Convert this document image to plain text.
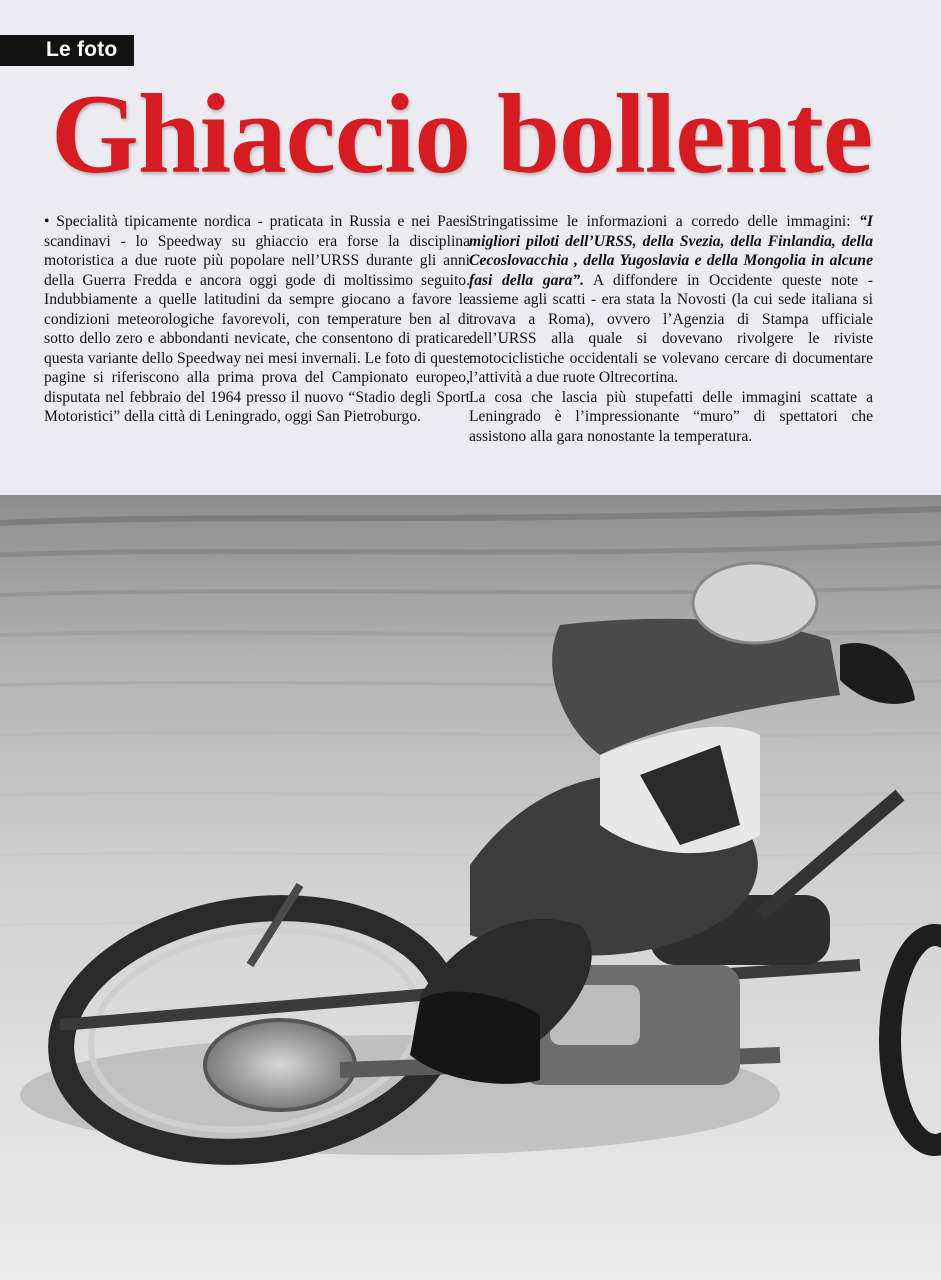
Le foto
Ghiaccio bollente

• Specialità tipicamente nordica - praticata in Russia e nei Paesi scandinavi - lo Speedway su ghiaccio era forse la disciplina motoristica a due ruote più popolare nell’URSS durante gli anni della Guerra Fredda e ancora oggi gode di moltissimo seguito. Indubbiamente a quelle latitudini da sempre giocano a favore le condizioni meteorologiche favorevoli, con temperature ben al di sotto dello zero e abbondanti nevicate, che consentono di praticare questa variante dello Speedway nei mesi invernali. Le foto di queste pagine si riferiscono alla prima prova del Campionato europeo, disputata nel febbraio del 1964 presso il nuovo “Stadio degli Sport Motoristici” della città di Leningrado, oggi San Pietroburgo.

Stringatissime le informazioni a corredo delle immagini: “I migliori piloti dell’URSS, della Svezia, della Finlandia, della Cecoslovacchia , della Yugoslavia e della Mongolia in alcune fasi della gara”. A diffondere in Occidente queste note - assieme agli scatti - era stata la Novosti (la cui sede italiana si trovava a Roma), ovvero l’Agenzia di Stampa ufficiale dell’URSS alla quale si dovevano rivolgere le riviste motociclistiche occidentali se volevano cercare di documentare l’attività a due ruote Oltrecortina.

La cosa che lascia più stupefatti delle immagini scattate a Leningrado è l’impressionante “muro” di spettatori che assistono alla gara nonostante la temperatura.
